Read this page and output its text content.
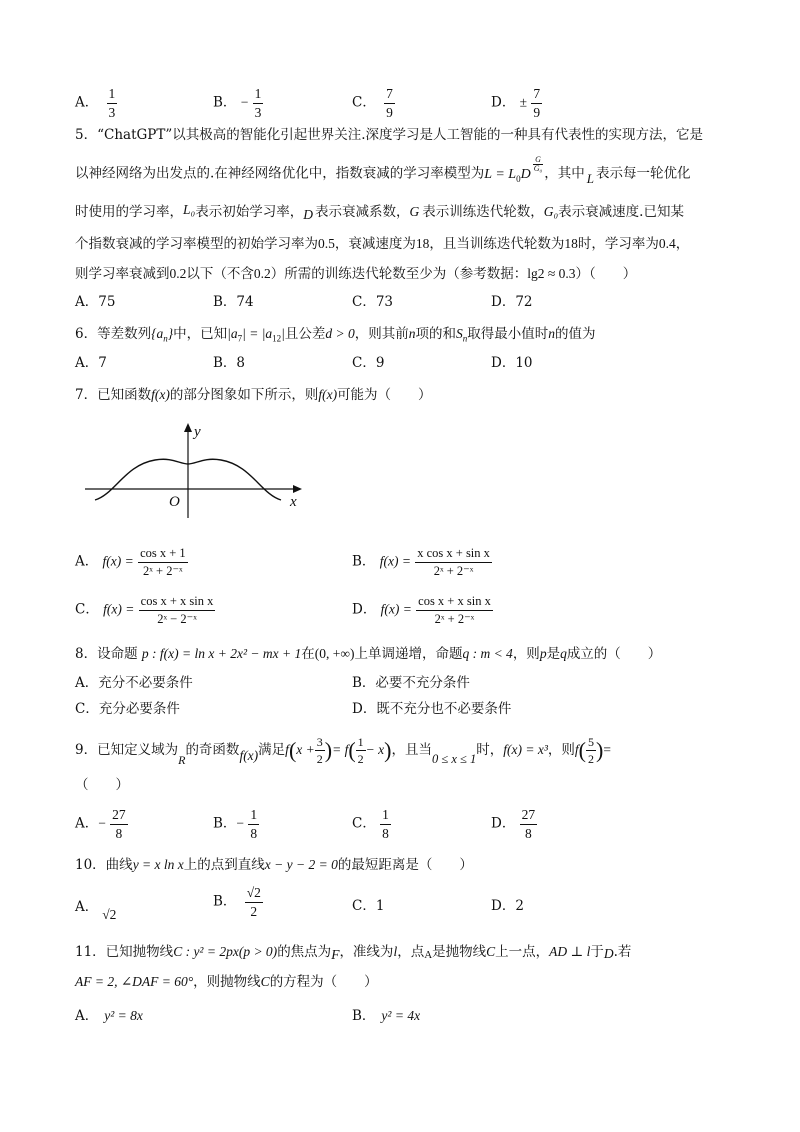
A． $\frac{1}{3}$	B． − $\frac{1}{3}$	C． $\frac{7}{9}$	D． ± $\frac{7}{9}$
5．“ChatGPT”以其极高的智能化引起世界关注.深度学习是人工智能的一种具有代表性的实现方法，它是
以神经网络为出发点的.在神经网络优化中，指数衰减的学习率模型为$L = L_0D$
$\frac{G}{\text{G₀}}$
，其中 L 表示每一轮优化
时使用的学习率，L₀表示初始学习率，D 表示衰减系数，G 表示训练迭代轮数，G₀表示衰减速度.已知某
个指数衰减的学习率模型的初始学习率为0.5，衰减速度为18，且当训练迭代轮数为18时，学习率为0.4，
则学习率衰减到0.2以下（不含0.2）所需的训练迭代轮数至少为（参考数据：lg2 ≈ 0.3）（　　）
A．75	B．74	C．73	D．72
6．等差数列$\{a_n\}$中，已知$|a_7| = |a_{12}|$且公差d > 0，则其前n项的和$S_n$取得最小值时n的值为
A．7	B．8	C．9	D．10
7．已知函数f(x)的部分图象如下所示，则f(x)可能为（　　）
y
x
O
A． $f(x) = \frac{\text{cos x + 1}}{\text{2ˣ + 2⁻ˣ}}$	B． $f(x) = \frac{\text{x cos x + sin x}}{\text{2ˣ + 2⁻ˣ}}$
C． $f(x) = \frac{\text{cos x + x sin x}}{\text{2ˣ − 2⁻ˣ}}$	D． $f(x) = \frac{\text{cos x + x sin x}}{\text{2ˣ + 2⁻ˣ}}$
8．设命题 p : f(x) = ln x + 2x² − mx + 1在(0, +∞)上单调递增，命题q : m < 4，则p是q成立的（　　）
A．充分不必要条件	B．必要不充分条件
C．充分必要条件	D．既不充分也不必要条件
9．已知定义域为R的奇函数f(x)满足$f(x + \frac{3}{2}$ )= $f( \frac{1}{2} - x)$，且当0 ≤ x ≤ 1时，f(x) = x³，则$f( \frac{5}{2}$ )=
（　　）
A．− $\frac{27}{8}$	B．− $\frac{1}{8}$	C． $\frac{1}{8}$	D． $\frac{27}{8}$
10．曲线y = x ln x上的点到直线x − y − 2 = 0的最短距离是（　　）
A． √2
B． $\frac{√2}{2}$	C．1	D．2
11．已知抛物线C : y² = 2px(p > 0)的焦点为F，准线为l，点A是抛物线C上一点，AD ⊥ l于D.若
AF = 2, ∠DAF = 60°，则抛物线C的方程为（　　）
A． y² = 8x	B． y² = 4x
